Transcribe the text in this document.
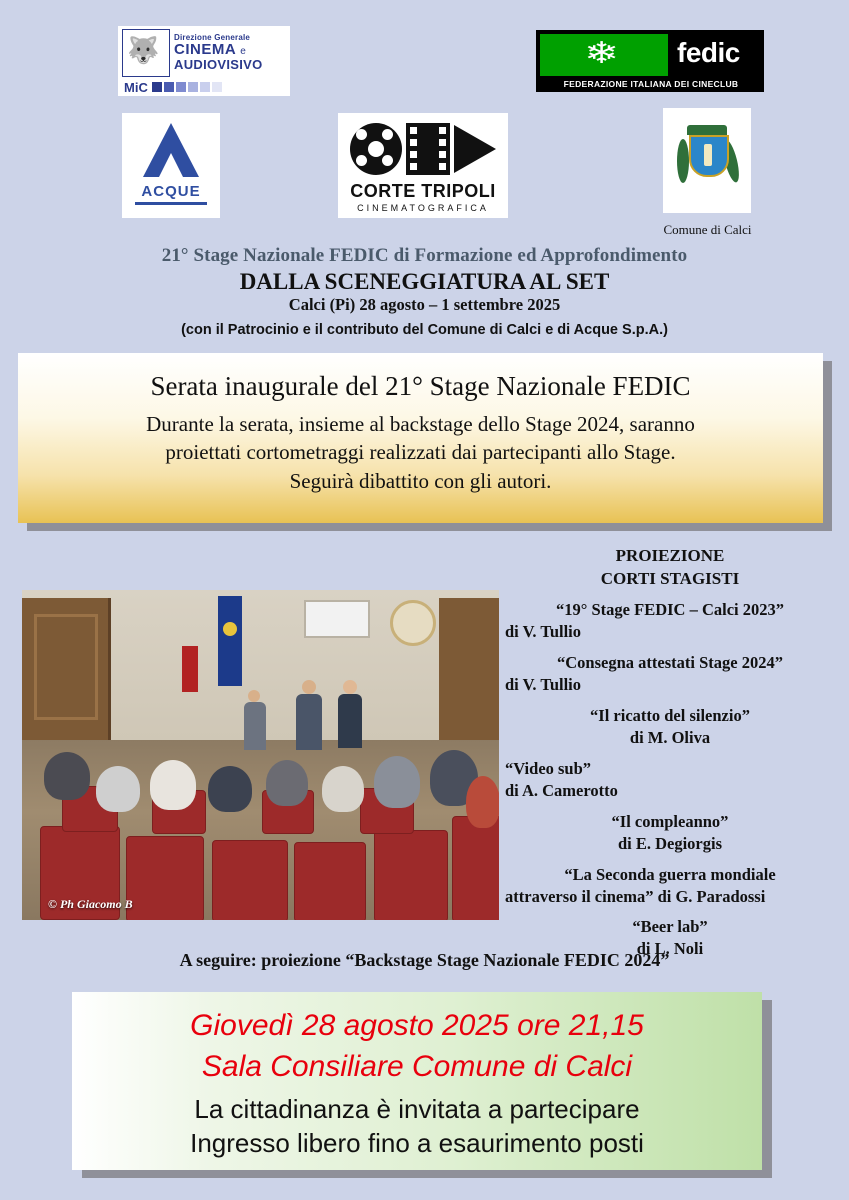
🐺 Direzione Generale
CINEMA e
AUDIOVISIVO
MiC
❄ fedic
FEDERAZIONE ITALIANA DEI CINECLUB
ACQUE	CORTE TRIPOLI
CINEMATOGRAFICA
Comune di Calci
21° Stage Nazionale FEDIC di Formazione ed Approfondimento
DALLA SCENEGGIATURA AL SET
Calci (Pi) 28 agosto – 1 settembre 2025
(con il Patrocinio e il contributo del Comune di Calci e di Acque S.p.A.)
Serata inaugurale del 21° Stage Nazionale FEDIC
Durante la serata, insieme al backstage dello Stage 2024, saranno
proiettati cortometraggi realizzati dai partecipanti allo Stage.
Seguirà dibattito con gli autori.
© Ph Giacomo B
PROIEZIONE
CORTI STAGISTI
“19° Stage FEDIC – Calci 2023”
di V. Tullio
“Consegna attestati Stage 2024”
di V. Tullio
“Il ricatto del silenzio”
di M. Oliva
“Video sub”
di A. Camerotto
“Il compleanno”
di E. Degiorgis
“La Seconda guerra mondiale
attraverso il cinema” di G. Paradossi
“Beer lab”
di L. Noli
A seguire: proiezione “Backstage Stage Nazionale FEDIC 2024”
Giovedì 28 agosto 2025 ore 21,15
Sala Consiliare Comune di Calci
La cittadinanza è invitata a partecipare
Ingresso libero fino a esaurimento posti
